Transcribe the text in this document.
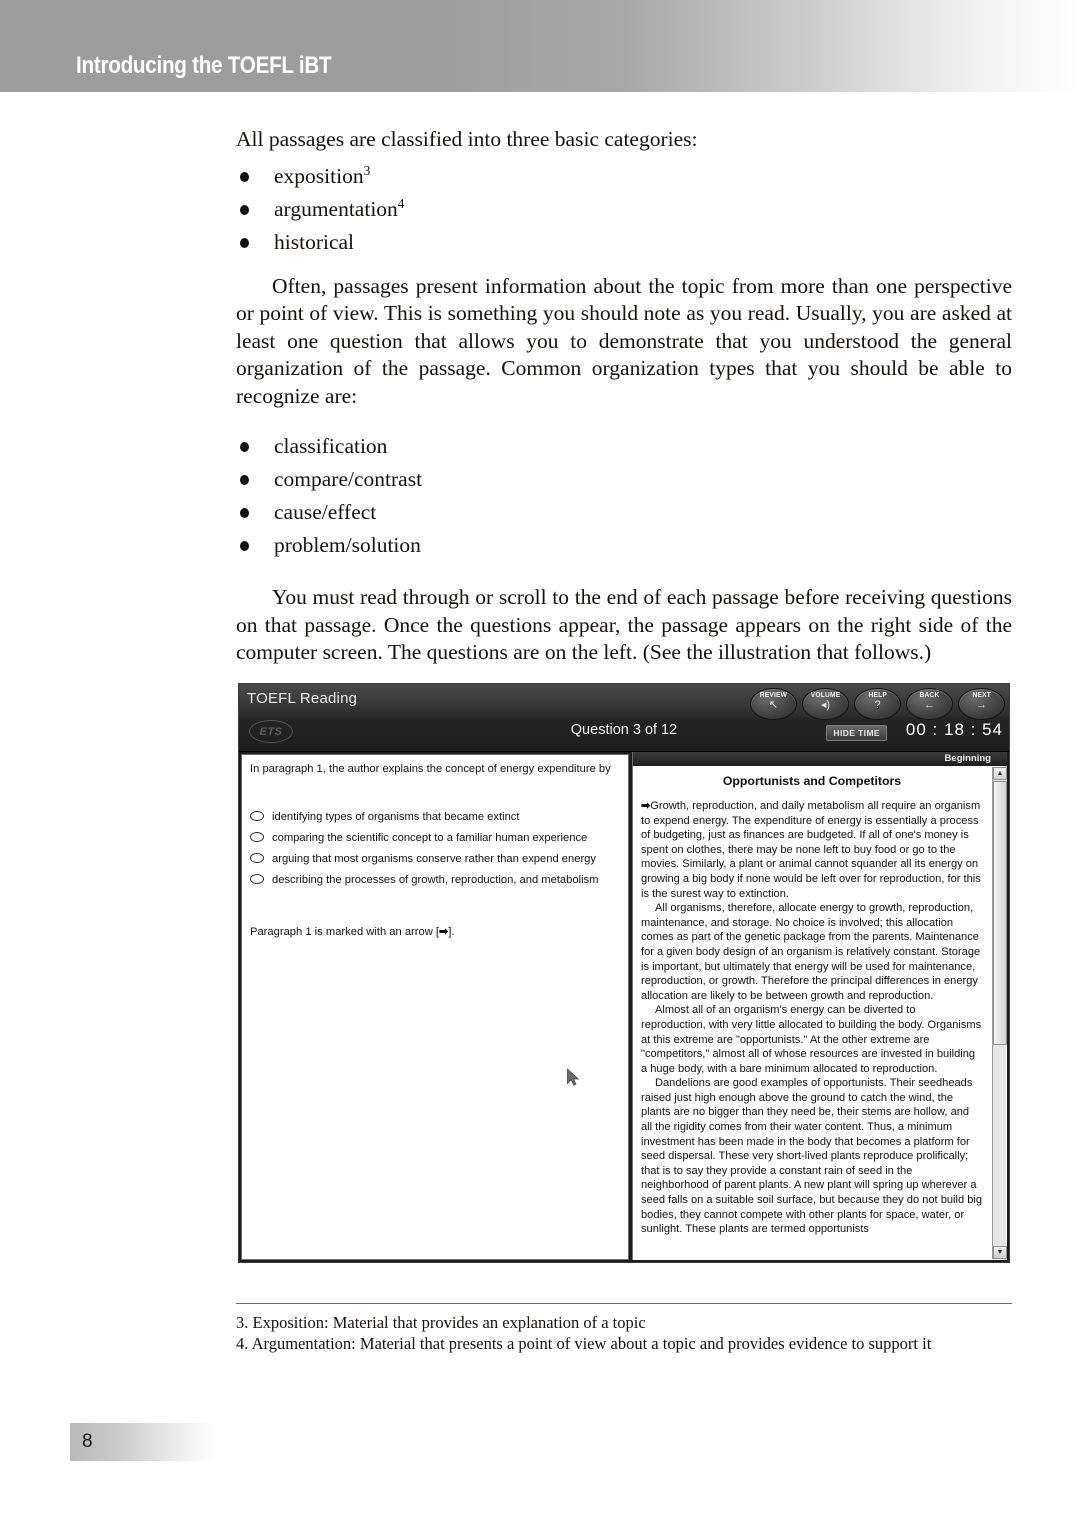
Introducing the TOEFL iBT

All passages are classified into three basic categories:

exposition$^3$
argumentation$^4$
historical

Often, passages present information about the topic from more than one perspective or point of view. This is something you should note as you read. Usually, you are asked at least one question that allows you to demonstrate that you understood the general organization of the passage. Common organization types that you should be able to recognize are:

classification
compare/contrast
cause/effect
problem/solution

You must read through or scroll to the end of each passage before receiving questions on that passage. Once the questions appear, the passage appears on the right side of the computer screen. The questions are on the left. (See the illustration that follows.)

TOEFL Reading
ETS	Question 3 of 12	HIDE TIME	00 : 18 : 54
REVIEW
↖
VOLUME
◂)
HELP
?
BACK
←
NEXT
→
In paragraph 1, the author explains the concept of energy expenditure by
identifying types of organisms that became extinct
comparing the scientific concept to a familiar human experience
arguing that most organisms conserve rather than expend energy
describing the processes of growth, reproduction, and metabolism
Paragraph 1 is marked with an arrow [➡].
Beginning
Opportunists and Competitors

➡Growth, reproduction, and daily metabolism all require an organism to expend energy. The expenditure of energy is essentially a process of budgeting, just as finances are budgeted. If all of one's money is spent on clothes, there may be none left to buy food or go to the movies. Similarly, a plant or animal cannot squander all its energy on growing a big body if none would be left over for reproduction, for this is the surest way to extinction.

All organisms, therefore, allocate energy to growth, reproduction, maintenance, and storage. No choice is involved; this allocation comes as part of the genetic package from the parents. Maintenance for a given body design of an organism is relatively constant. Storage is important, but ultimately that energy will be used for maintenance, reproduction, or growth. Therefore the principal differences in energy allocation are likely to be between growth and reproduction.

Almost all of an organism's energy can be diverted to reproduction, with very little allocated to building the body. Organisms at this extreme are "opportunists." At the other extreme are "competitors," almost all of whose resources are invested in building a huge body, with a bare minimum allocated to reproduction.

Dandelions are good examples of opportunists. Their seedheads raised just high enough above the ground to catch the wind, the plants are no bigger than they need be, their stems are hollow, and all the rigidity comes from their water content. Thus, a minimum investment has been made in the body that becomes a platform for seed dispersal. These very short-lived plants reproduce prolifically; that is to say they provide a constant rain of seed in the neighborhood of parent plants. A new plant will spring up wherever a seed falls on a suitable soil surface, but because they do not build big bodies, they cannot compete with other plants for space, water, or sunlight. These plants are termed opportunists

▲
▼
3. Exposition: Material that provides an explanation of a topic
4. Argumentation: Material that presents a point of view about a topic and provides evidence to support it
8
